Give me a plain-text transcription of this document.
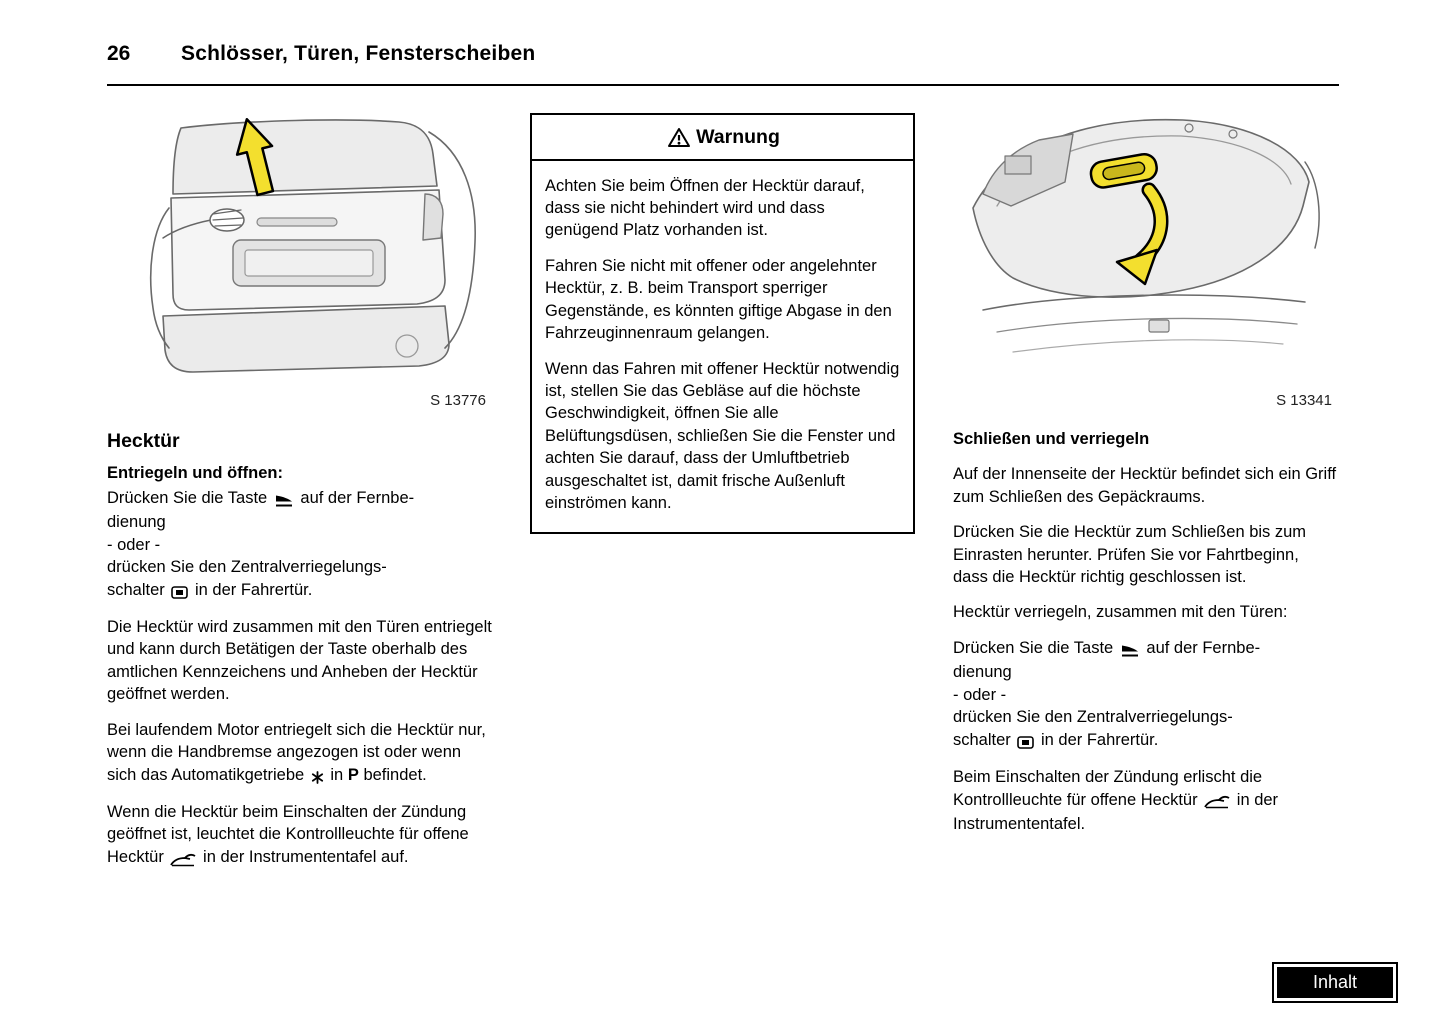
26 Schlösser, Türen, Fensterscheiben
S 13776
Hecktür
Entriegeln und öffnen:

Drücken Sie die Taste auf der Fernbe-
dienung
- oder -
drücken Sie den Zentralverriegelungs-
schalter in der Fahrertür.

Die Hecktür wird zusammen mit den Türen entriegelt und kann durch Betätigen der Taste oberhalb des amtlichen Kennzeichens und Anheben der Hecktür geöffnet werden.

Bei laufendem Motor entriegelt sich die Hecktür nur, wenn die Handbremse angezogen ist oder wenn sich das Automatikgetriebe in P befindet.

Wenn die Hecktür beim Einschalten der Zündung geöffnet ist, leuchtet die Kontrollleuchte für offene Hecktür in der Instrumententafel auf.

Warnung

Achten Sie beim Öffnen der Hecktür darauf, dass sie nicht behindert wird und dass genügend Platz vorhanden ist.

Fahren Sie nicht mit offener oder angelehnter Hecktür, z. B. beim Transport sperriger Gegenstände, es könnten giftige Abgase in den Fahrzeuginnenraum gelangen.

Wenn das Fahren mit offener Hecktür notwendig ist, stellen Sie das Gebläse auf die höchste Geschwindigkeit, öffnen Sie alle Belüftungsdüsen, schließen Sie die Fenster und achten Sie darauf, dass der Umluftbetrieb ausgeschaltet ist, damit frische Außenluft einströmen kann.

S 13341

Schließen und verriegeln

Auf der Innenseite der Hecktür befindet sich ein Griff zum Schließen des Gepäckraums.

Drücken Sie die Hecktür zum Schließen bis zum Einrasten herunter. Prüfen Sie vor Fahrtbeginn, dass die Hecktür richtig geschlossen ist.

Hecktür verriegeln, zusammen mit den Türen:

Drücken Sie die Taste auf der Fernbe-
dienung
- oder -
drücken Sie den Zentralverriegelungs-
schalter in der Fahrertür.

Beim Einschalten der Zündung erlischt die Kontrollleuchte für offene Hecktür in der Instrumententafel.

Inhalt
